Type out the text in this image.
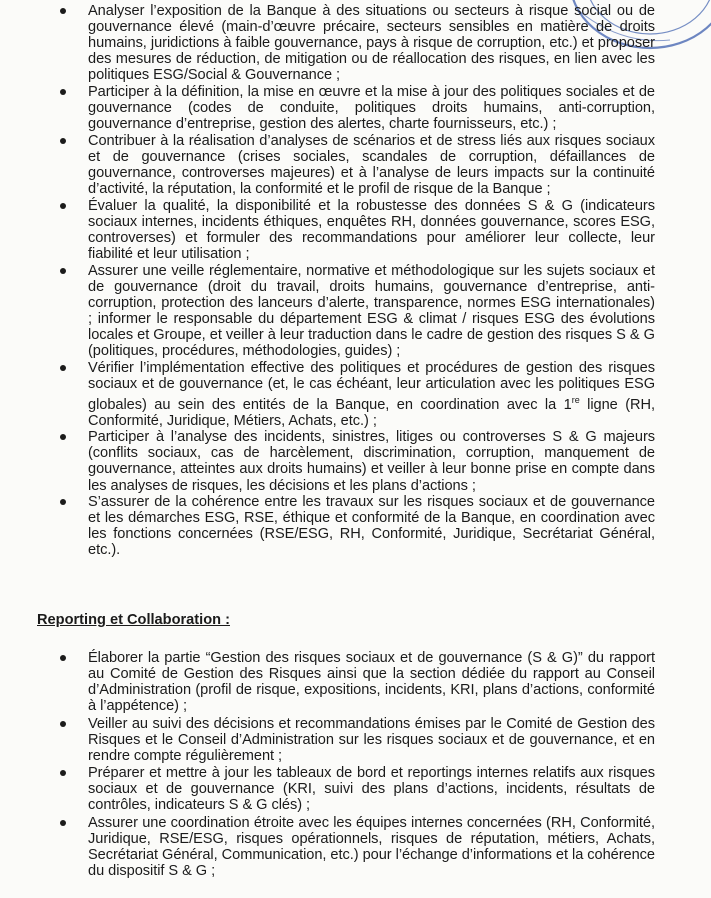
Analyser l’exposition de la Banque à des situations ou secteurs à risque social ou de gouvernance élevé (main-d’œuvre précaire, secteurs sensibles en matière de droits humains, juridictions à faible gouvernance, pays à risque de corruption, etc.) et proposer des mesures de réduction, de mitigation ou de réallocation des risques, en lien avec les politiques ESG/Social & Gouvernance ;
Participer à la définition, la mise en œuvre et la mise à jour des politiques sociales et de gouvernance (codes de conduite, politiques droits humains, anti-corruption, gouvernance d’entreprise, gestion des alertes, charte fournisseurs, etc.) ;
Contribuer à la réalisation d’analyses de scénarios et de stress liés aux risques sociaux et de gouvernance (crises sociales, scandales de corruption, défaillances de gouvernance, controverses majeures) et à l’analyse de leurs impacts sur la continuité d’activité, la réputation, la conformité et le profil de risque de la Banque ;
Évaluer la qualité, la disponibilité et la robustesse des données S & G (indicateurs sociaux internes, incidents éthiques, enquêtes RH, données gouvernance, scores ESG, controverses) et formuler des recommandations pour améliorer leur collecte, leur fiabilité et leur utilisation ;
Assurer une veille réglementaire, normative et méthodologique sur les sujets sociaux et de gouvernance (droit du travail, droits humains, gouvernance d’entreprise, anti-corruption, protection des lanceurs d’alerte, transparence, normes ESG internationales) ; informer le responsable du département ESG & climat / risques ESG des évolutions locales et Groupe, et veiller à leur traduction dans le cadre de gestion des risques S & G (politiques, procédures, méthodologies, guides) ;
Vérifier l’implémentation effective des politiques et procédures de gestion des risques sociaux et de gouvernance (et, le cas échéant, leur articulation avec les politiques ESG globales) au sein des entités de la Banque, en coordination avec la 1re ligne (RH, Conformité, Juridique, Métiers, Achats, etc.) ;
Participer à l’analyse des incidents, sinistres, litiges ou controverses S & G majeurs (conflits sociaux, cas de harcèlement, discrimination, corruption, manquement de gouvernance, atteintes aux droits humains) et veiller à leur bonne prise en compte dans les analyses de risques, les décisions et les plans d’actions ;
S’assurer de la cohérence entre les travaux sur les risques sociaux et de gouvernance et les démarches ESG, RSE, éthique et conformité de la Banque, en coordination avec les fonctions concernées (RSE/ESG, RH, Conformité, Juridique, Secrétariat Général, etc.).
Reporting et Collaboration :
Élaborer la partie “Gestion des risques sociaux et de gouvernance (S & G)” du rapport au Comité de Gestion des Risques ainsi que la section dédiée du rapport au Conseil d’Administration (profil de risque, expositions, incidents, KRI, plans d’actions, conformité à l’appétence) ;
Veiller au suivi des décisions et recommandations émises par le Comité de Gestion des Risques et le Conseil d’Administration sur les risques sociaux et de gouvernance, et en rendre compte régulièrement ;
Préparer et mettre à jour les tableaux de bord et reportings internes relatifs aux risques sociaux et de gouvernance (KRI, suivi des plans d’actions, incidents, résultats de contrôles, indicateurs S & G clés) ;
Assurer une coordination étroite avec les équipes internes concernées (RH, Conformité, Juridique, RSE/ESG, risques opérationnels, risques de réputation, métiers, Achats, Secrétariat Général, Communication, etc.) pour l’échange d’informations et la cohérence du dispositif S & G ;
